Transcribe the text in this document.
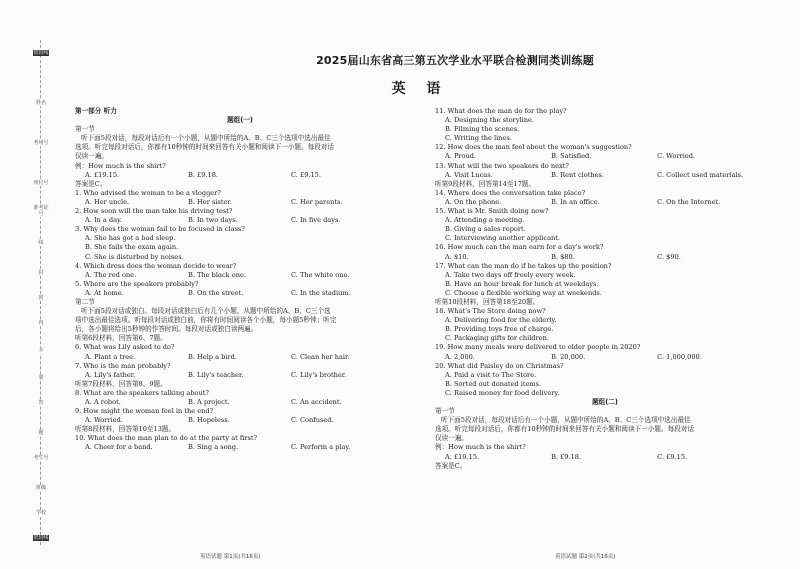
密封线
姓名
考场号
座位号
准考证号
线
封
密
内
不
要
答
题
考生号
班级
学校
密封线
2025届山东省高三第五次学业水平联合检测同类训练题
英 语
第一部分 听力
题组(一)
第一节
听下面5段对话，每段对话后有一个小题，从题中所给的A、B、C三个选项中选出最佳
选项。听完每段对话后，你都有10秒钟的时间来回答有关小题和阅读下一小题。每段对话
仅读一遍。
例：How much is the shirt?
A. £19.15.	B. £9.18.	C. £9.15.
答案是C。
1. Who advised the woman to be a vlogger?
A. Her uncle.	B. Her sister.	C. Her parents.
2. How soon will the man take his driving test?
A. In a day.	B. In two days.	C. In five days.
3. Why does the woman fail to be focused in class?
A. She has got a bad sleep.
B. She fails the exam again.
C. She is disturbed by noises.
4. Which dress does the woman decide to wear?
A. The red one.	B. The black one.	C. The white one.
5. Where are the speakers probably?
A. At home.	B. On the street.	C. In the stadium.
第二节
听下面5段对话或独白。每段对话或独白后有几个小题，从题中所给的A、B、C三个选
项中选出最佳选项。听每段对话或独白前，你将有时间阅读各个小题，每小题5秒钟；听完
后，各小题将给出5秒钟的作答时间。每段对话或独白读两遍。
听第6段材料，回答第6、7题。
6. What was Lily asked to do?
A. Plant a tree.	B. Help a bird.	C. Clean her hair.
7. Who is the man probably?
A. Lily's father.	B. Lily's teacher.	C. Lily's brother.
听第7段材料，回答第8、9题。
8. What are the speakers talking about?
A. A robot.	B. A project.	C. An accident.
9. How might the woman feel in the end?
A. Worried.	B. Hopeless.	C. Confused.
听第8段材料，回答第10至13题。
10. What does the man plan to do at the party at first?
A. Cheer for a band.	B. Sing a song.	C. Perform a play.
11. What does the man do for the play?
A. Designing the storyline.
B. Filming the scenes.
C. Writing the lines.
12. How does the man feel about the woman's suggestion?
A. Proud.	B. Satisfied.	C. Worried.
13. What will the two speakers do next?
A. Visit Lucas.	B. Rent clothes.	C. Collect used materials.
听第9段材料，回答第14至17题。
14. Where does the conversation take place?
A. On the phone.	B. In an office.	C. On the Internet.
15. What is Mr. Smith doing now?
A. Attending a meeting.
B. Giving a sales report.
C. Interviewing another applicant.
16. How much can the man earn for a day's work?
A. $10.	B. $80.	C. $90.
17. What can the man do if he takes up the position?
A. Take two days off freely every week.
B. Have an hour break for lunch at weekdays.
C. Choose a flexible working way at weekends.
听第10段材料，回答第18至20题。
18. What's The Store doing now?
A. Delivering food for the elderly.
B. Providing toys free of charge.
C. Packaging gifts for children.
19. How many meals were delivered to older people in 2020?
A. 2,000.	B. 20,000.	C. 1,000,000.
20. What did Paisley do on Christmas?
A. Paid a visit to The Store.
B. Sorted out donated items.
C. Raised money for food delivery.
题组(二)
第一节
听下面5段对话，每段对话后有一个小题，从题中所给的A、B、C三个选项中选出最佳
选项。听完每段对话后，你都有10秒钟的时间来回答有关小题和阅读下一小题。每段对话
仅读一遍。
例：How much is the shirt?
A. £19.15.	B. £9.18.	C. £9.15.
答案是C。
英语试题 第1页(共16页)	英语试题 第2页(共16页)
